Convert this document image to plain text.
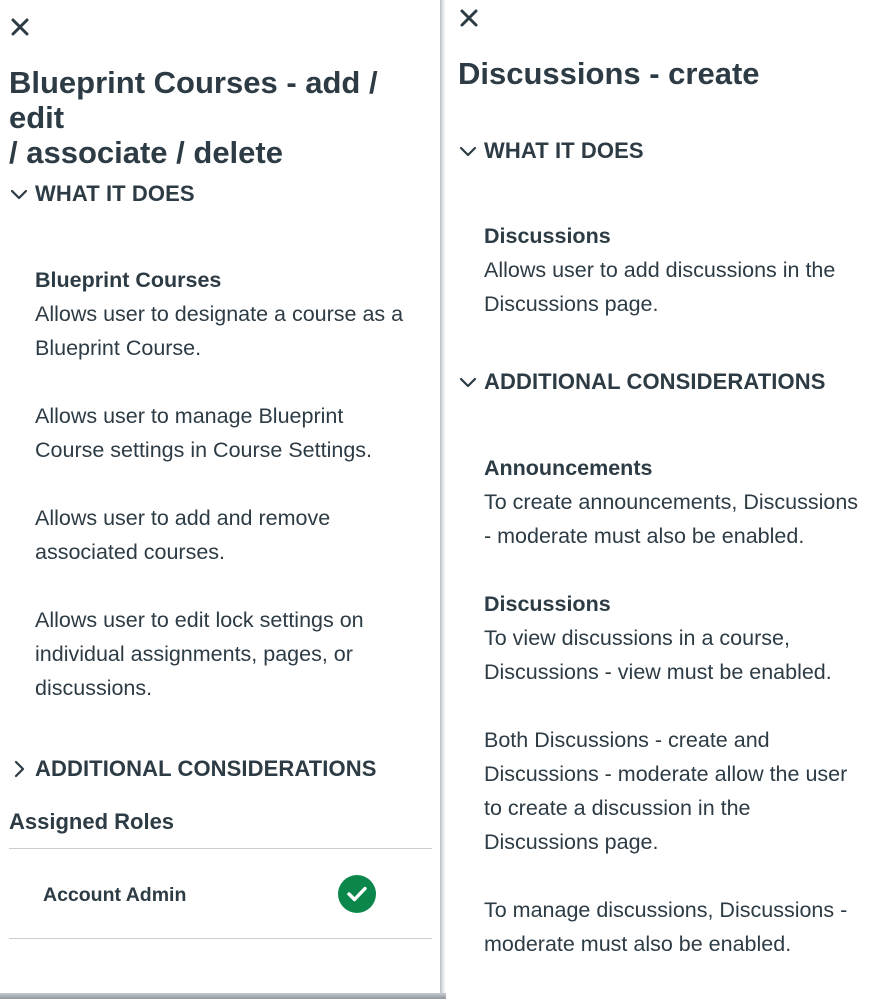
Blueprint Courses - add / edit
/ associate / delete
WHAT IT DOES

Blueprint Courses

Allows user to designate a course as a

Blueprint Course.

Allows user to manage Blueprint

Course settings in Course Settings.

Allows user to add and remove

associated courses.

Allows user to edit lock settings on

individual assignments, pages, or

discussions.

ADDITIONAL CONSIDERATIONS
Assigned Roles
Account Admin
Discussions - create
WHAT IT DOES

Discussions

Allows user to add discussions in the

Discussions page.

ADDITIONAL CONSIDERATIONS

Announcements

To create announcements, Discussions

- moderate must also be enabled.

Discussions

To view discussions in a course,

Discussions - view must be enabled.

Both Discussions - create and

Discussions - moderate allow the user

to create a discussion in the

Discussions page.

To manage discussions, Discussions -

moderate must also be enabled.
